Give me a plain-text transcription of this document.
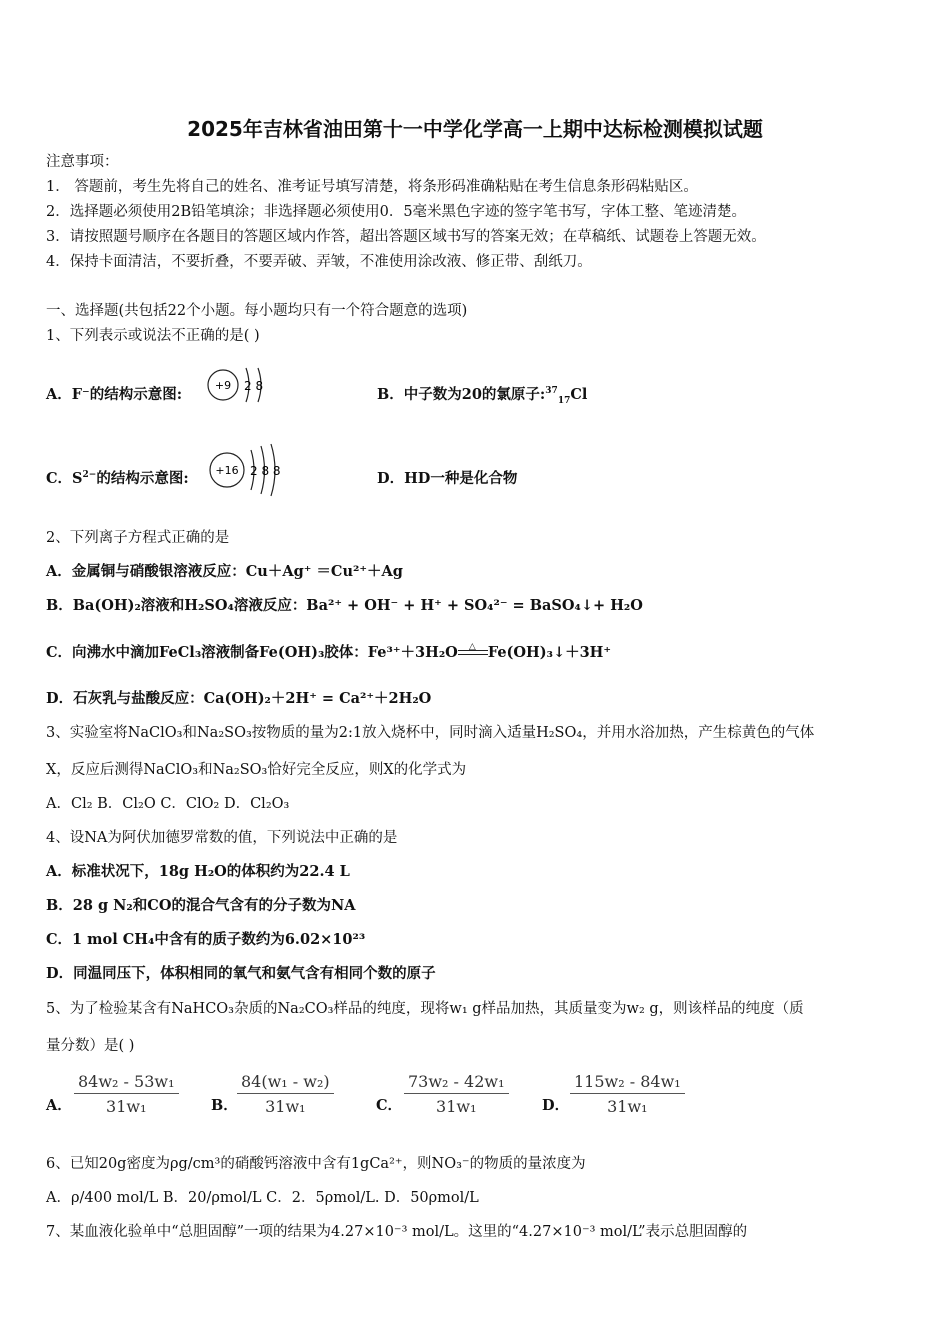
2025年吉林省油田第十一中学化学高一上期中达标检测模拟试题
注意事项：
1． 答题前，考生先将自己的姓名、准考证号填写清楚，将条形码准确粘贴在考生信息条形码粘贴区。
2．选择题必须使用2B铅笔填涂；非选择题必须使用0．5毫米黑色字迹的签字笔书写，字体工整、笔迹清楚。
3．请按照题号顺序在各题目的答题区域内作答，超出答题区域书写的答案无效；在草稿纸、试题卷上答题无效。
4．保持卡面清洁，不要折叠，不要弄破、弄皱，不准使用涂改液、修正带、刮纸刀。
一、选择题(共包括22个小题。每小题均只有一个符合题意的选项)
1、下列表示或说法不正确的是( )
A．F⁻的结构示意图:
+9 2 8	B．中子数为20的氯原子:$^{37}_{17}$Cl
C．$S^{2-}$的结构示意图: +16 2 8 8	D．HD一种是化合物
2、下列离子方程式正确的是
A．金属铜与硝酸银溶液反应：Cu＋Ag⁺ ＝Cu²⁺＋Ag
B．Ba(OH)₂溶液和H₂SO₄溶液反应：Ba²⁺ + OH⁻ + H⁺ + SO₄²⁻ = BaSO₄↓+ H₂O
C．向沸水中滴加FeCl₃溶液制备Fe(OH)₃胶体：Fe³⁺＋3H₂O △ Fe(OH)₃↓＋3H⁺
D．石灰乳与盐酸反应：Ca(OH)₂＋2H⁺ = Ca²⁺＋2H₂O
3、实验室将NaClO₃和Na₂SO₃按物质的量为2:1放入烧杯中，同时滴入适量H₂SO₄，并用水浴加热，产生棕黄色的气体
X，反应后测得NaClO₃和Na₂SO₃恰好完全反应，则X的化学式为
A．Cl₂ B．Cl₂O C．ClO₂ D．Cl₂O₃
4、设NA为阿伏加德罗常数的值，下列说法中正确的是
A．标准状况下，18g H₂O的体积约为22.4 L
B．28 g N₂和CO的混合气含有的分子数为NA
C．1 mol CH₄中含有的质子数约为6.02×10²³
D．同温同压下，体积相同的氧气和氨气含有相同个数的原子
5、为了检验某含有NaHCO₃杂质的Na₂CO₃样品的纯度，现将w₁ g样品加热，其质量变为w₂ g，则该样品的纯度（质
量分数）是( )
A． $\frac{\text{84w₂ - 53w₁}}{\text{31w₁}}$ B． $\frac{\text{84(w₁ - w₂)}}{\text{31w₁}}$	C． $\frac{\text{73w₂ - 42w₁}}{\text{31w₁}}$ D． $\frac{\text{115w₂ - 84w₁}}{\text{31w₁}}$
6、已知20g密度为ρg/cm³的硝酸钙溶液中含有1gCa²⁺，则NO₃⁻的物质的量浓度为
A．ρ/400 mol/L B．20/ρmol/L C．2．5ρmol/L. D．50ρmol/L
7、某血液化验单中“总胆固醇”一项的结果为4.27×10⁻³ mol/L。这里的“4.27×10⁻³ mol/L”表示总胆固醇的
